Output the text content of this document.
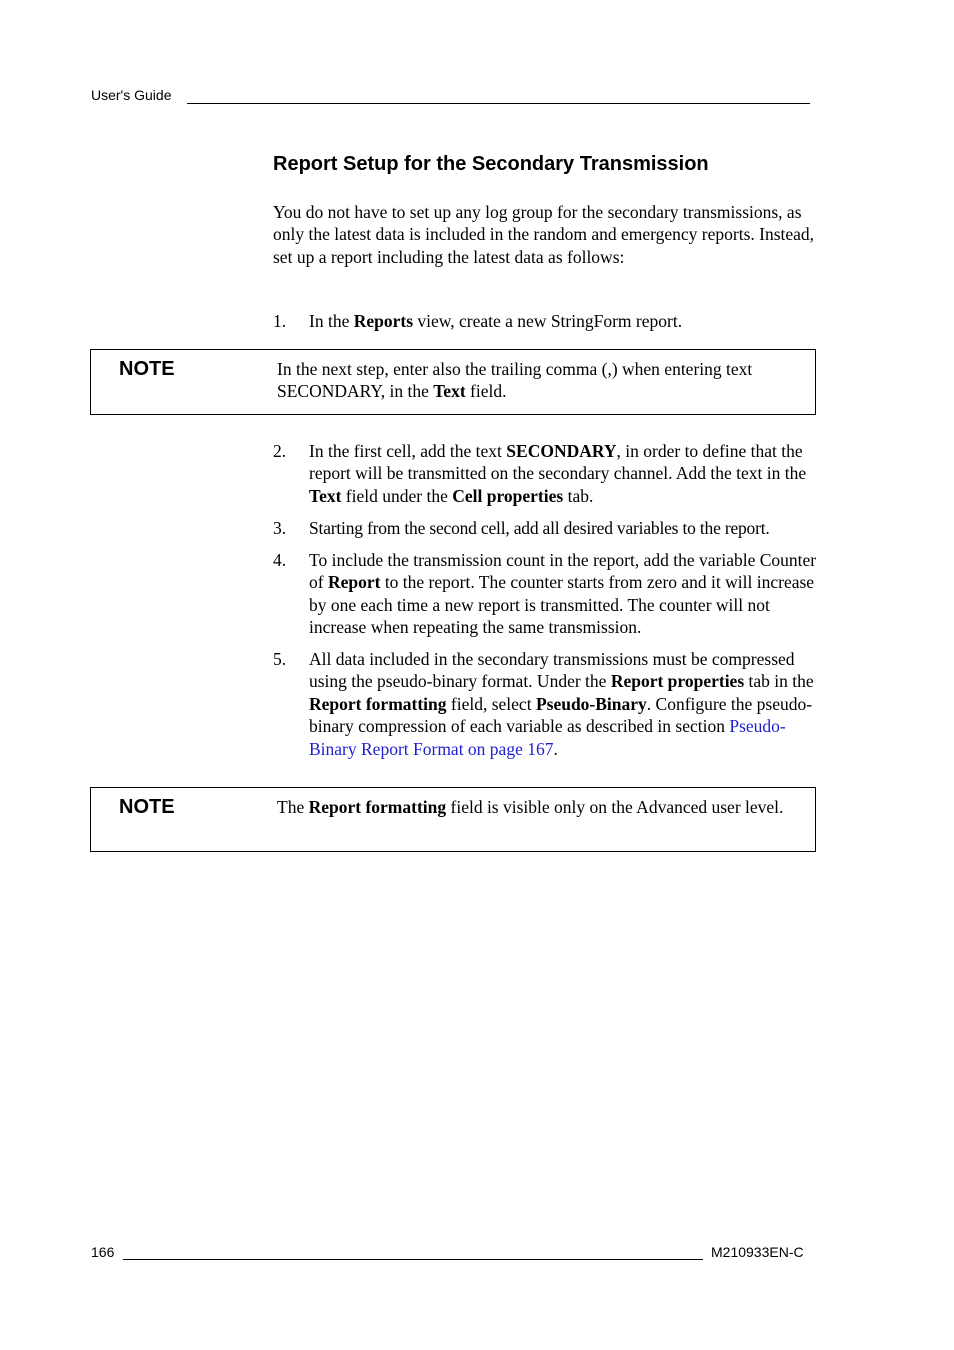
User's Guide
Report Setup for the Secondary Transmission

You do not have to set up any log group for the secondary transmissions, as only the latest data is included in the random and emergency reports. Instead, set up a report including the latest data as follows:

1. In the Reports view, create a new StringForm report.
NOTE	In the next step, enter also the trailing comma (,) when entering text SECONDARY, in the Text field.
2. In the first cell, add the text SECONDARY, in order to define that the report will be transmitted on the secondary channel. Add the text in the Text field under the Cell properties tab.
3. Starting from the second cell, add all desired variables to the report.
4. To include the transmission count in the report, add the variable Counter of Report to the report. The counter starts from zero and it will increase by one each time a new report is transmitted. The counter will not increase when repeating the same transmission.
5. All data included in the secondary transmissions must be compressed using the pseudo-binary format. Under the Report properties tab in the Report formatting field, select Pseudo-Binary. Configure the pseudo-binary compression of each variable as described in section Pseudo-Binary Report Format on page 167.
NOTE	The Report formatting field is visible only on the Advanced user level.
166	M210933EN-C
